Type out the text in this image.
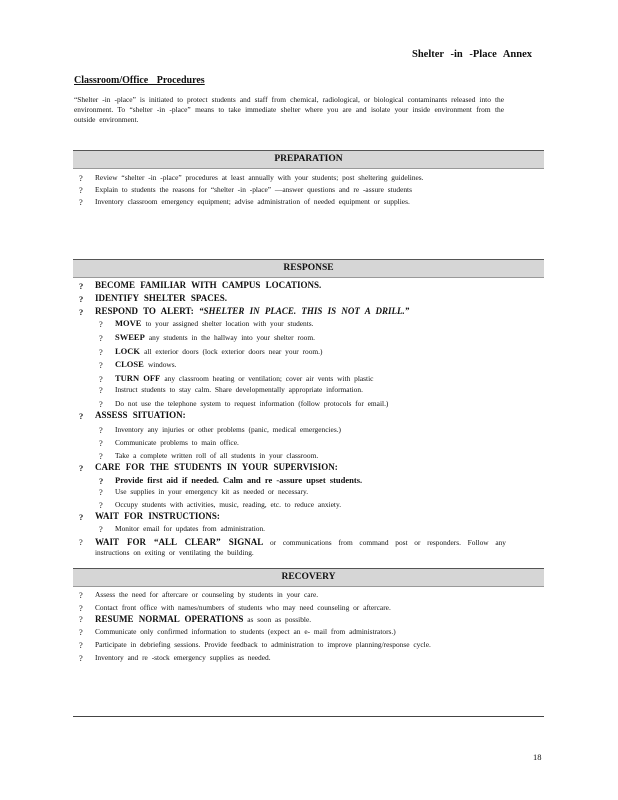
Shelter -in -Place Annex
Classroom/Office Procedures
“Shelter -in -place” is initiated to protect students and staff from chemical, radiological, or biological contaminants released into the environment. To “shelter -in -place” means to take immediate shelter where you are and isolate your inside environment from the outside environment.
PREPARATION
? Review “shelter -in -place” procedures at least annually with your students; post sheltering guidelines.
? Explain to students the reasons for “shelter -in -place” —answer questions and re -assure students
? Inventory classroom emergency equipment; advise administration of needed equipment or supplies.
RESPONSE
? BECOME FAMILIAR WITH CAMPUS LOCATIONS.
? IDENTIFY SHELTER SPACES.
? RESPOND TO ALERT: “SHELTER IN PLACE. THIS IS NOT A DRILL.”
? MOVE to your assigned shelter location with your students.
? SWEEP any students in the hallway into your shelter room.
? LOCK all exterior doors (lock exterior doors near your room.)
? CLOSE windows.
? TURN OFF any classroom heating or ventilation; cover air vents with plastic
? Instruct students to stay calm. Share developmentally appropriate information.
? Do not use the telephone system to request information (follow protocols for email.)
? ASSESS SITUATION:
? Inventory any injuries or other problems (panic, medical emergencies.)
? Communicate problems to main office.
? Take a complete written roll of all students in your classroom.
? CARE FOR THE STUDENTS IN YOUR SUPERVISION:
? Provide first aid if needed. Calm and re -assure upset students.
? Use supplies in your emergency kit as needed or necessary.
? Occupy students with activities, music, reading, etc. to reduce anxiety.
? WAIT FOR INSTRUCTIONS:
? Monitor email for updates from administration.
? WAIT FOR “ALL CLEAR” SIGNAL or communications from command post or responders. Follow any instructions on exiting or ventilating the building.
RECOVERY
? Assess the need for aftercare or counseling by students in your care.
? Contact front office with names/numbers of students who may need counseling or aftercare.
? RESUME NORMAL OPERATIONS as soon as possible.
? Communicate only confirmed information to students (expect an e- mail from administrators.)
? Participate in debriefing sessions. Provide feedback to administration to improve planning/response cycle.
? Inventory and re -stock emergency supplies as needed.
18
